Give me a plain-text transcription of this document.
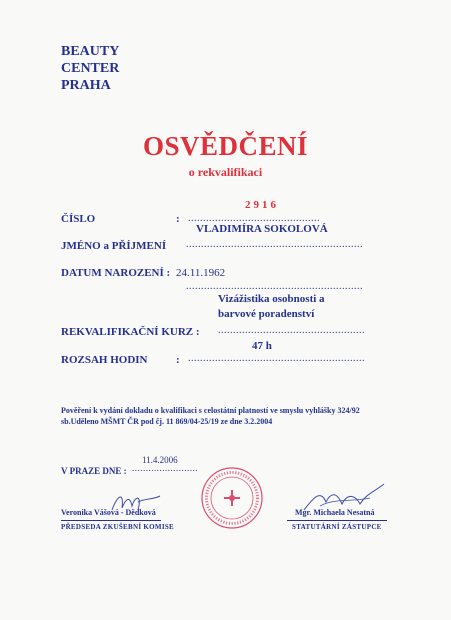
BEAUTY
CENTER
PRAHA
OSVĚDČENÍ
o rekvalifikaci
2916
ČÍSLO	: ............................................
VLADIMÍRA SOKOLOVÁ
JMÉNO a PŘÍJMENÍ ...........................................................
DATUM NAROZENÍ : 24.11.1962
...........................................................
Vizážistika osobnosti a
barvové poradenství
REKVALIFIKAČNÍ KURZ : .................................................
47 h
ROZSAH HODIN	: ...........................................................
Pověření k vydání dokladu o kvalifikaci s celostátní platností ve smyslu vyhlášky 324/92
sb.Uděleno MŠMT ČR pod čj. 11 869/04-25/19 ze dne 3.2.2004
11.4.2006
V PRAZE DNE : ........................
Veronika Vášová - Dědková
PŘEDSEDA ZKUŠEBNÍ KOMISE
Mgr. Michaela Nesatná
STATUTÁRNÍ ZÁSTUPCE
